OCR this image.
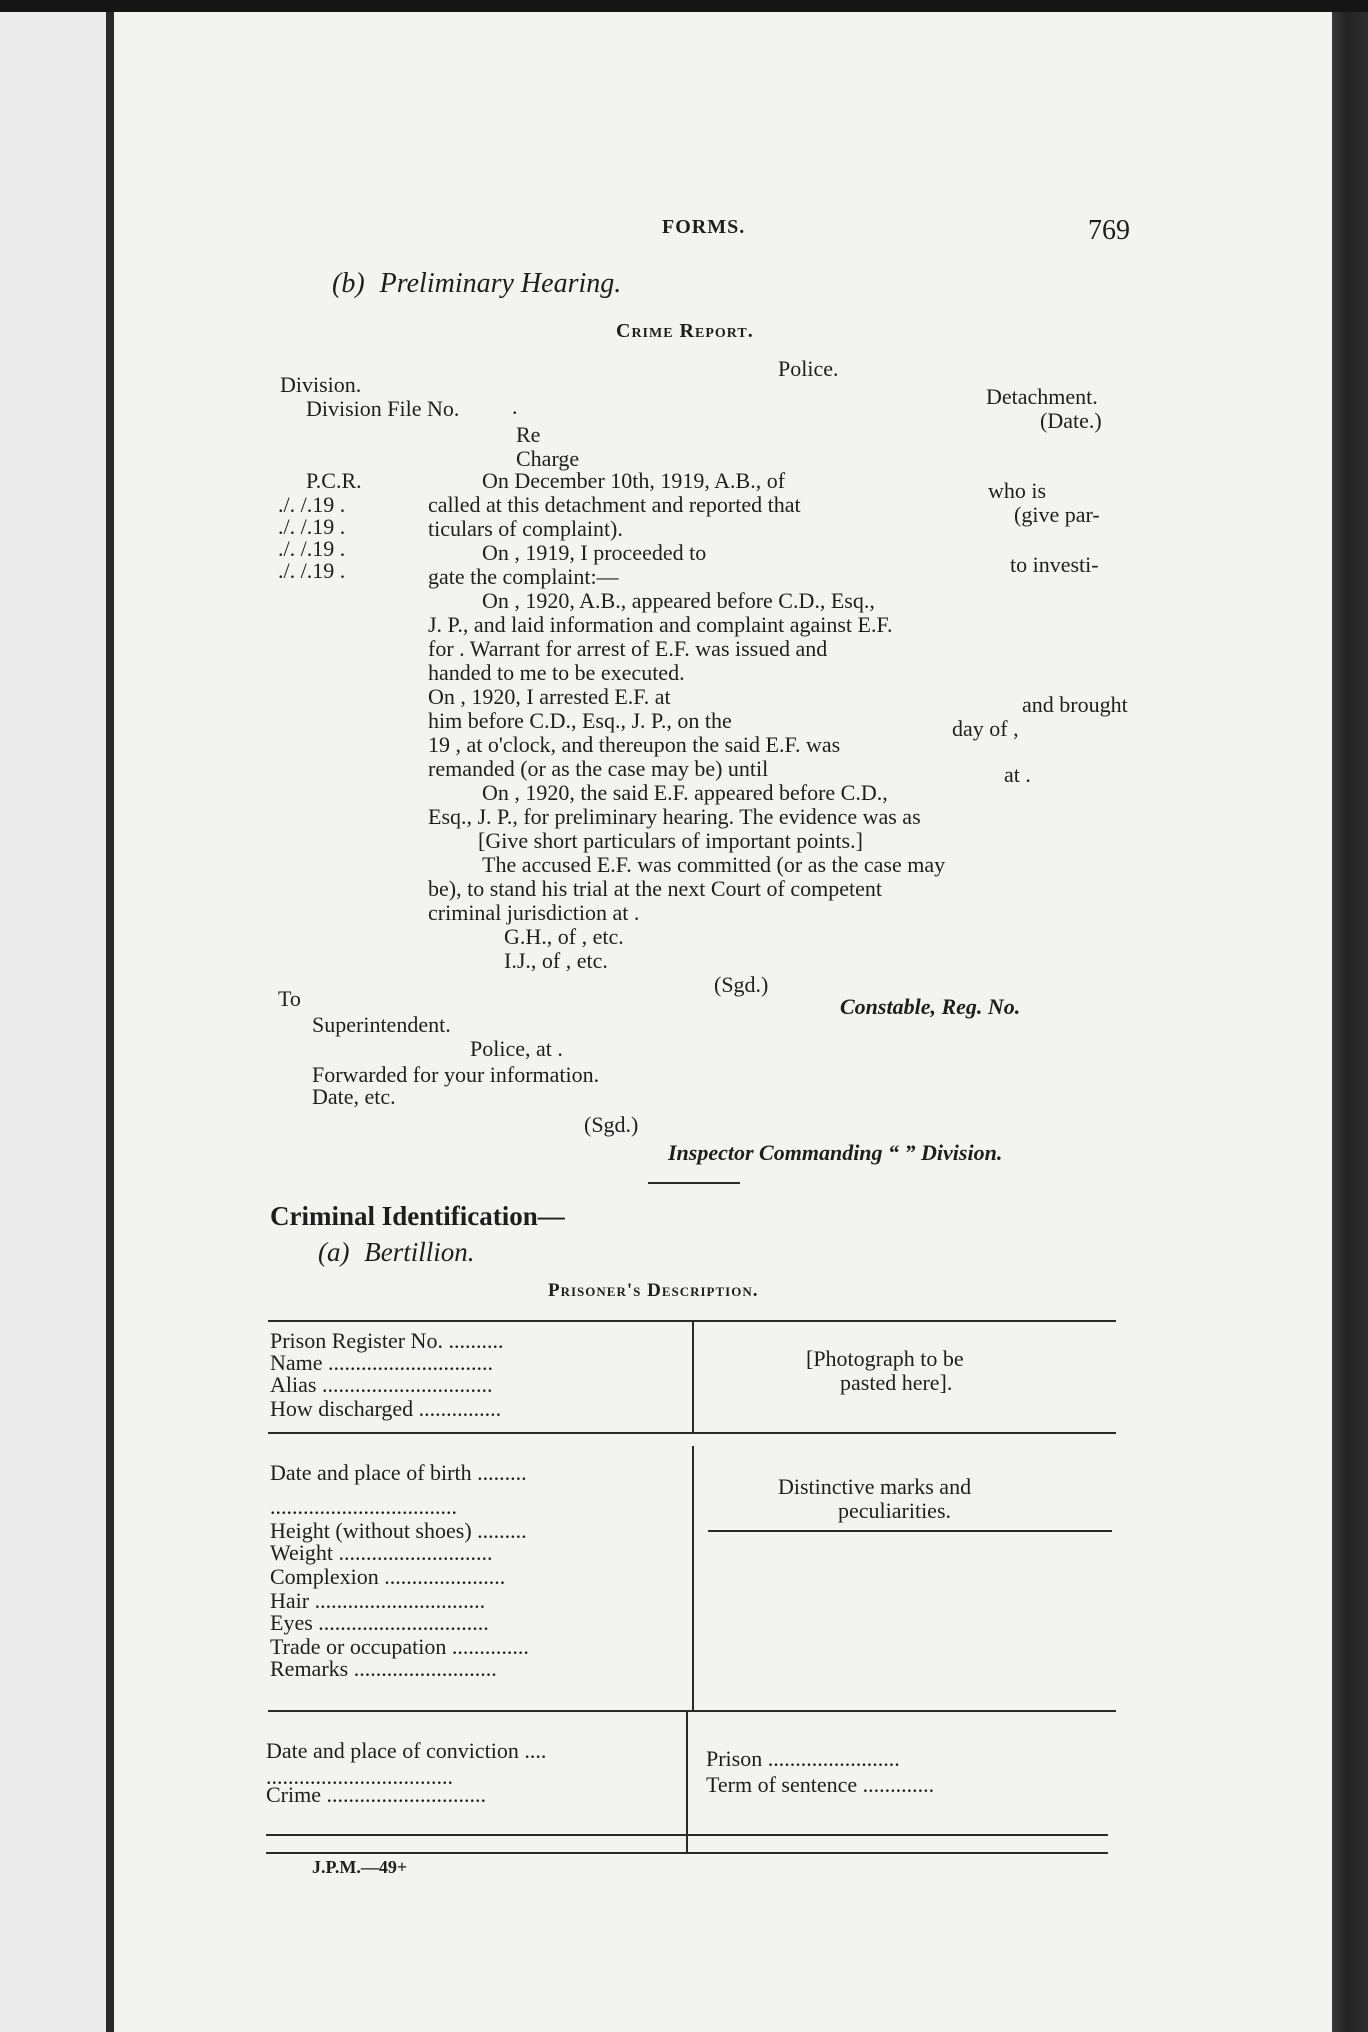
FORMS.	769
(b) Preliminary Hearing.
Crime Report.
Police.
Division.	Detachment.
Division File No. .
(Date.)
Re
Charge
P.C.R.
./. /.19 .
./. /.19 .
./. /.19 .
./. /.19 .
On December 10th, 1919, A.B., of	who is
called at this detachment and reported that	(give par-
ticulars of complaint).
On , 1919, I proceeded to	to investi-
gate the complaint:—
On , 1920, A.B., appeared before C.D., Esq.,
J. P., and laid information and complaint against E.F.
for . Warrant for arrest of E.F. was issued and
handed to me to be executed.
On , 1920, I arrested E.F. at	and brought
him before C.D., Esq., J. P., on the	day of ,
19 , at o'clock, and thereupon the said E.F. was
remanded (or as the case may be) until	at .
On , 1920, the said E.F. appeared before C.D.,
Esq., J. P., for preliminary hearing. The evidence was as
[Give short particulars of important points.]
The accused E.F. was committed (or as the case may
be), to stand his trial at the next Court of competent
criminal jurisdiction at .
G.H., of , etc.
I.J., of , etc.
(Sgd.)
To	Constable, Reg. No.
Superintendent.
Police, at .
Forwarded for your information.
Date, etc.
(Sgd.)
Inspector Commanding “ ” Division.
Criminal Identification—
(a) Bertillion.
Prisoner's Description.
Prison Register No. ..........
Name ..............................
Alias ...............................
How discharged ...............
[Photograph to be
pasted here].
Date and place of birth .........
..................................
Height (without shoes) .........
Weight ............................
Complexion ......................
Hair ...............................
Eyes ...............................
Trade or occupation ..............
Remarks ..........................
Distinctive marks and
peculiarities.
Date and place of conviction ....
..................................
Crime .............................
Prison ........................
Term of sentence .............
J.P.M.—49+
